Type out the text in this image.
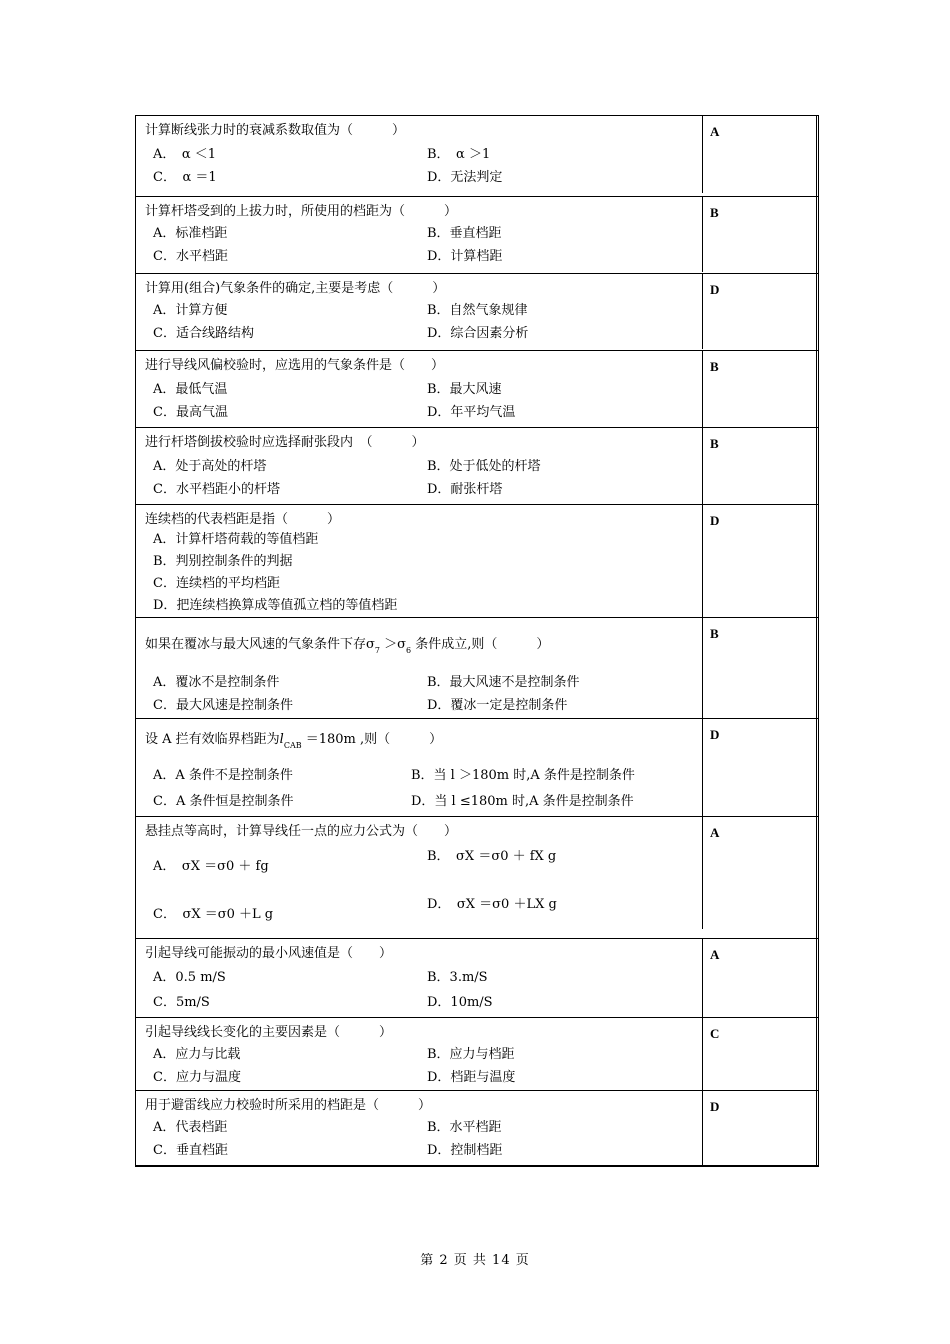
计算断线张力时的衰减系数取值为（　　　）
A．　α ＜1	B．　α ＞1
C．　α ＝1	D．无法判定
A
计算杆塔受到的上拔力时，所使用的档距为（　　　）
A．标准档距	B．垂直档距
C．水平档距	D．计算档距
B
计算用(组合)气象条件的确定,主要是考虑（　　　）
A．计算方便	B．自然气象规律
C．适合线路结构	D．综合因素分析
D
进行导线风偏校验时，应选用的气象条件是（　　）
A．最低气温	B．最大风速
C．最高气温	D．年平均气温
B
进行杆塔倒拔校验时应选择耐张段内　（　　　）
A．处于高处的杆塔	B．处于低处的杆塔
C．水平档距小的杆塔	D．耐张杆塔
B
连续档的代表档距是指（　　　）
A．计算杆塔荷载的等值档距
B．判别控制条件的判据
C．连续档的平均档距
D．把连续档换算成等值孤立档的等值档距
D
如果在覆冰与最大风速的气象条件下存$\sigma_7 >\sigma_6$ 条件成立,则（　　　）
A．覆冰不是控制条件	B．最大风速不是控制条件
C．最大风速是控制条件	D．覆冰一定是控制条件
B
设 A 拦有效临界档距为$l_{CAB} =180m$ ,则（　　　）
A．A 条件不是控制条件	B．当 l ＞180m 时,A 条件是控制条件
C．A 条件恒是控制条件	D．当 l ≤180m 时,A 条件是控制条件
D
悬挂点等高时，计算导线任一点的应力公式为（　　）
A．　σX ＝σ0 ＋ fg
B．　σX ＝σ0 ＋ fX g
C．　σX ＝σ0 ＋L g
D．　σX ＝σ0 ＋LX g
A
引起导线可能振动的最小风速值是（　　）
A．0.5 m/S	B．3.m/S
C．5m/S	D．10m/S
A
引起导线线长变化的主要因素是（　　　）
A．应力与比载	B．应力与档距
C．应力与温度	D．档距与温度
C
用于避雷线应力校验时所采用的档距是（　　　）
A．代表档距	B．水平档距
C．垂直档距	D．控制档距
D
第 2 页 共 14 页
